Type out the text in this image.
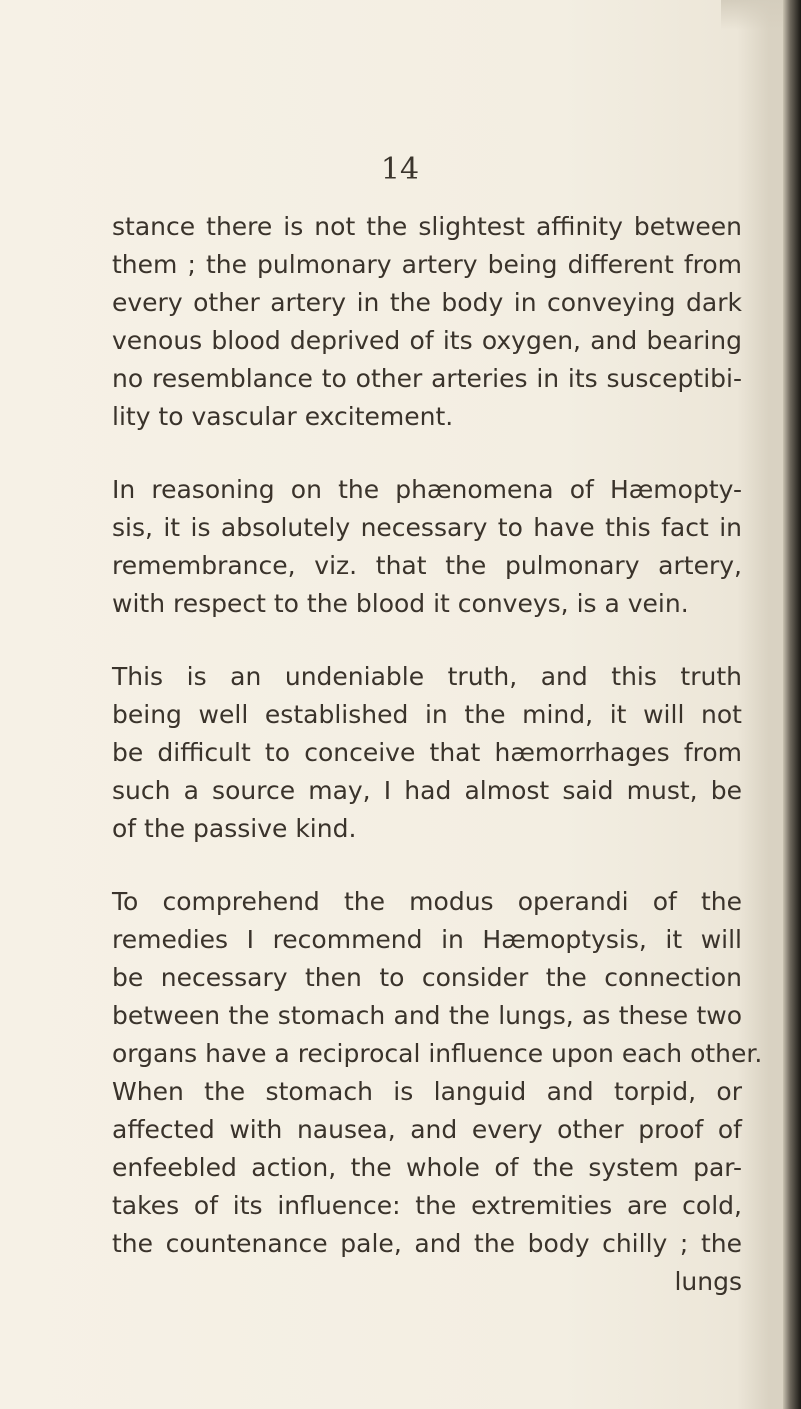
14
stance there is not the slightest affinity between
them ; the pulmonary artery being different from
every other artery in the body in conveying dark
venous blood deprived of its oxygen, and bearing
no resemblance to other arteries in its susceptibi-
lity to vascular excitement.
In reasoning on the phænomena of Hæmopty-
sis, it is absolutely necessary to have this fact in
remembrance, viz. that the pulmonary artery,
with respect to the blood it conveys, is a vein.
This is an undeniable truth, and this truth
being well established in the mind, it will not
be difficult to conceive that hæmorrhages from
such a source may, I had almost said must, be
of the passive kind.
To comprehend the modus operandi of the
remedies I recommend in Hæmoptysis, it will
be necessary then to consider the connection
between the stomach and the lungs, as these two
organs have a reciprocal influence upon each other.
When the stomach is languid and torpid, or
affected with nausea, and every other proof of
enfeebled action, the whole of the system par-
takes of its influence: the extremities are cold,
the countenance pale, and the body chilly ; the
lungs
